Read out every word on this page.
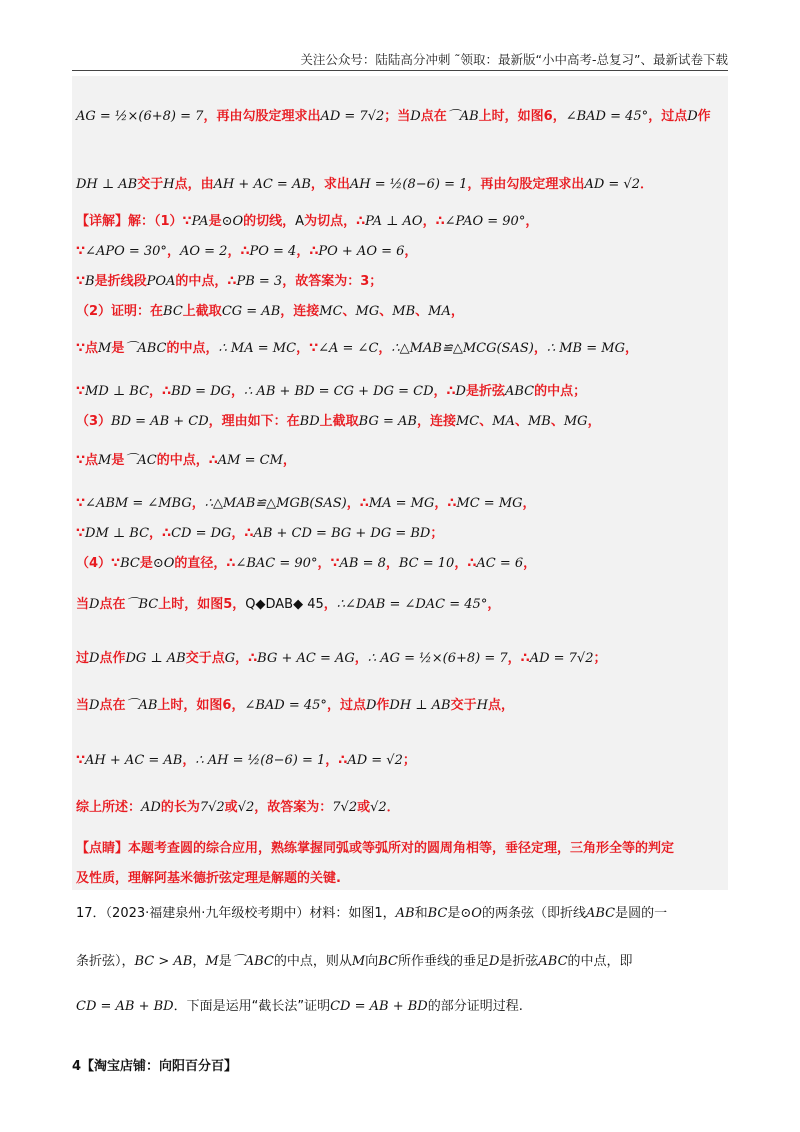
关注公众号：陆陆高分冲刺 ˜领取：最新版“小中高考-总复习”、最新试卷下载
AG = ½×(6+8) = 7，再由勾股定理求出AD = 7√2；当D点在⌒AB上时，如图6，∠BAD = 45°，过点D作
DH ⊥ AB交于H点，由AH + AC = AB，求出AH = ½(8−6) = 1，再由勾股定理求出AD = √2．
【详解】解：（1）∵PA是⊙O的切线，A为切点，∴PA ⊥ AO，∴∠PAO = 90°，
∵∠APO = 30°，AO = 2，∴PO = 4，∴PO + AO = 6，
∵B是折线段POA的中点，∴PB = 3，故答案为：3；
（2）证明：在BC上截取CG = AB，连接MC、MG、MB、MA，
∵点M是⌒ABC的中点，∴ MA = MC，∵∠A = ∠C，∴△MAB≌△MCG(SAS)，∴ MB = MG，
∵MD ⊥ BC，∴BD = DG，∴ AB + BD = CG + DG = CD，∴D是折弦ABC的中点；
（3）BD = AB + CD，理由如下：在BD上截取BG = AB，连接MC、MA、MB、MG，
∵点M是⌒AC的中点，∴AM = CM，
∵∠ABM = ∠MBG，∴△MAB≌△MGB(SAS)，∴MA = MG，∴MC = MG，
∵DM ⊥ BC，∴CD = DG，∴AB + CD = BG + DG = BD；
（4）∵BC是⊙O的直径，∴∠BAC = 90°，∵AB = 8，BC = 10，∴AC = 6，
当D点在⌒BC上时，如图5，Q◆DAB◆ 45，∴∠DAB = ∠DAC = 45°，
过D点作DG ⊥ AB交于点G，∴BG + AC = AG，∴ AG = ½×(6+8) = 7，∴AD = 7√2；
当D点在⌒AB上时，如图6，∠BAD = 45°，过点D作DH ⊥ AB交于H点，
∵AH + AC = AB，∴ AH = ½(8−6) = 1，∴AD = √2；
综上所述：AD的长为7√2或√2，故答案为：7√2或√2．
【点睛】本题考查圆的综合应用，熟练掌握同弧或等弧所对的圆周角相等，垂径定理，三角形全等的判定
及性质，理解阿基米德折弦定理是解题的关键.
17．（2023·福建泉州·九年级校考期中）材料：如图1，AB和BC是⊙O的两条弦（即折线ABC是圆的一
条折弦），BC > AB，M是⌒ABC的中点，则从M向BC所作垂线的垂足D是折弦ABC的中点，即
CD = AB + BD．下面是运用“截长法”证明CD = AB + BD的部分证明过程.
4【淘宝店铺：向阳百分百】
